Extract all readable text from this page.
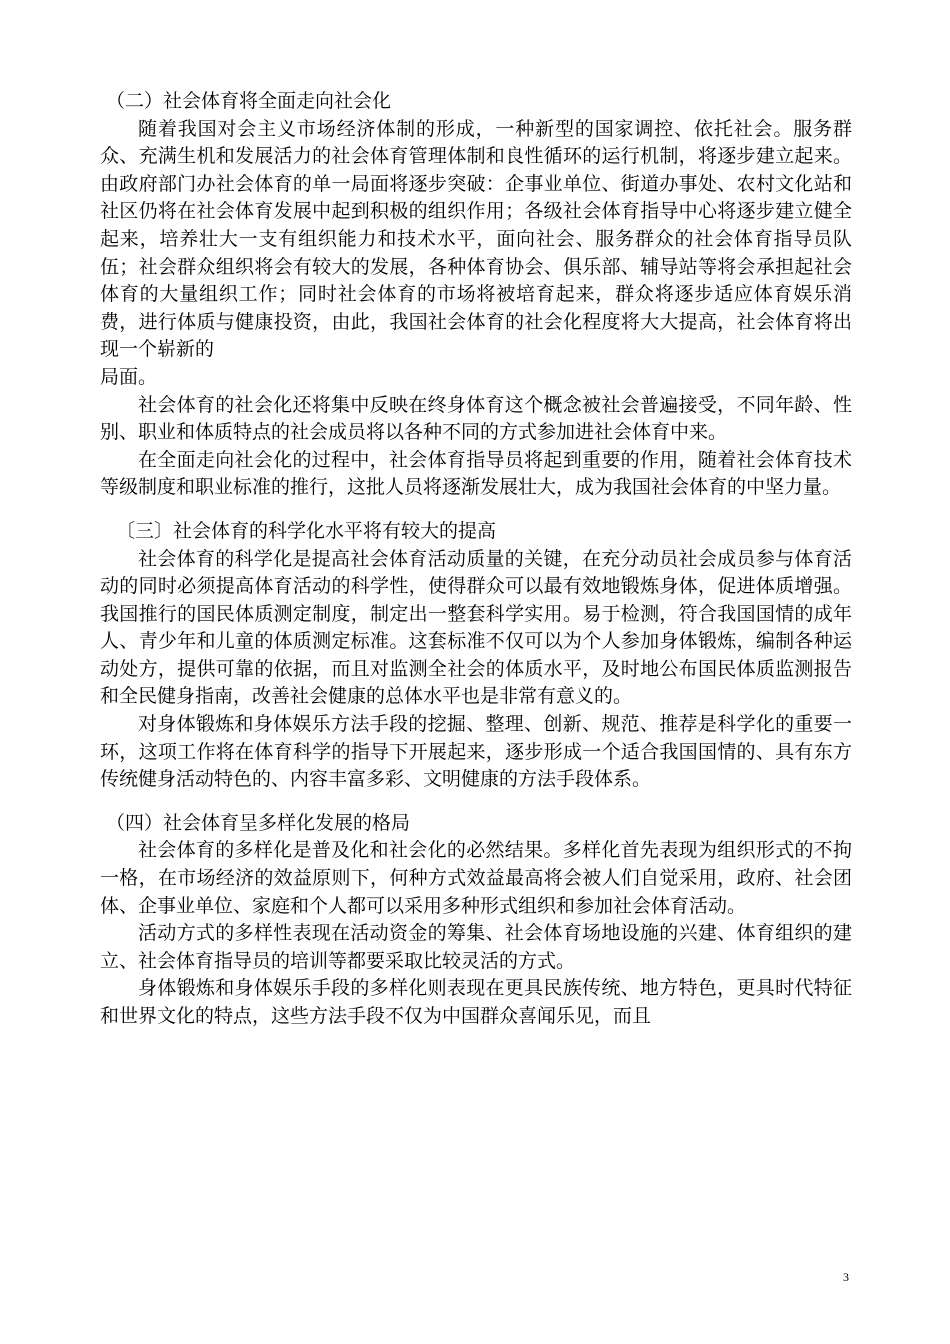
（二）社会体育将全面走向社会化

随着我国对会主义市场经济体制的形成，一种新型的国家调控、依托社会。服务群众、充满生机和发展活力的社会体育管理体制和良性循环的运行机制，将逐步建立起来。由政府部门办社会体育的单一局面将逐步突破：企事业单位、街道办事处、农村文化站和社区仍将在社会体育发展中起到积极的组织作用；各级社会体育指导中心将逐步建立健全起来，培养壮大一支有组织能力和技术水平，面向社会、服务群众的社会体育指导员队伍；社会群众组织将会有较大的发展，各种体育协会、俱乐部、辅导站等将会承担起社会体育的大量组织工作；同时社会体育的市场将被培育起来，群众将逐步适应体育娱乐消费，进行体质与健康投资，由此，我国社会体育的社会化程度将大大提高，社会体育将出现一个崭新的

局面。

社会体育的社会化还将集中反映在终身体育这个概念被社会普遍接受，不同年龄、性别、职业和体质特点的社会成员将以各种不同的方式参加进社会体育中来。

在全面走向社会化的过程中，社会体育指导员将起到重要的作用，随着社会体育技术等级制度和职业标准的推行，这批人员将逐渐发展壮大，成为我国社会体育的中坚力量。

〔三〕社会体育的科学化水平将有较大的提高

社会体育的科学化是提高社会体育活动质量的关键，在充分动员社会成员参与体育活动的同时必须提高体育活动的科学性，使得群众可以最有效地锻炼身体，促进体质增强。我国推行的国民体质测定制度，制定出一整套科学实用。易于检测，符合我国国情的成年人、青少年和儿童的体质测定标准。这套标准不仅可以为个人参加身体锻炼，编制各种运动处方，提供可靠的依据，而且对监测全社会的体质水平，及时地公布国民体质监测报告和全民健身指南，改善社会健康的总体水平也是非常有意义的。

对身体锻炼和身体娱乐方法手段的挖掘、整理、创新、规范、推荐是科学化的重要一环，这项工作将在体育科学的指导下开展起来，逐步形成一个适合我国国情的、具有东方传统健身活动特色的、内容丰富多彩、文明健康的方法手段体系。

（四）社会体育呈多样化发展的格局

社会体育的多样化是普及化和社会化的必然结果。多样化首先表现为组织形式的不拘一格，在市场经济的效益原则下，何种方式效益最高将会被人们自觉采用，政府、社会团体、企事业单位、家庭和个人都可以采用多种形式组织和参加社会体育活动。

活动方式的多样性表现在活动资金的筹集、社会体育场地设施的兴建、体育组织的建立、社会体育指导员的培训等都要采取比较灵活的方式。

身体锻炼和身体娱乐手段的多样化则表现在更具民族传统、地方特色，更具时代特征和世界文化的特点，这些方法手段不仅为中国群众喜闻乐见，而且

3
